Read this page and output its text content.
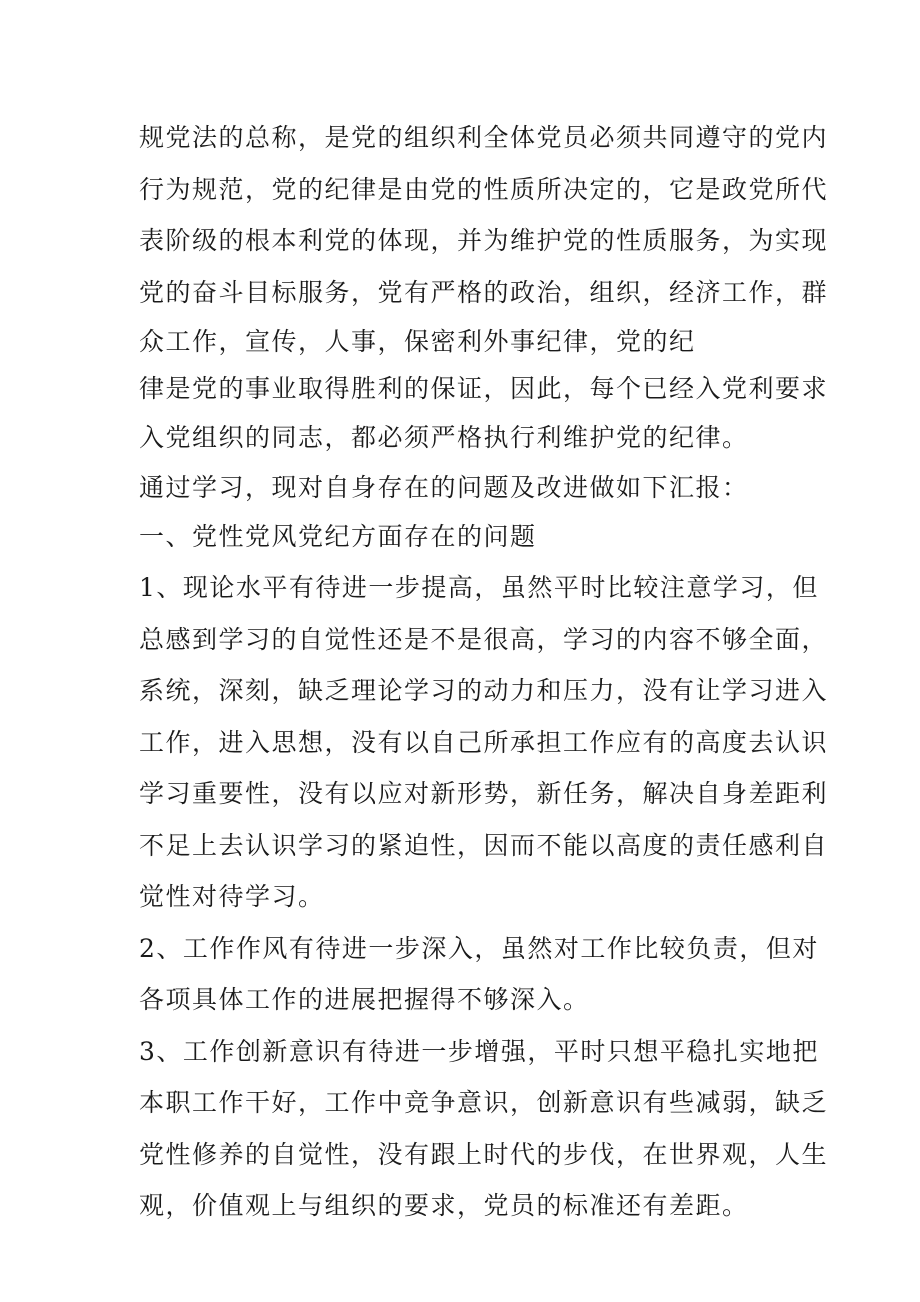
规党法的总称，是党的组织利全体党员必须共同遵守的党内
行为规范，党的纪律是由党的性质所决定的，它是政党所代
表阶级的根本利党的体现，并为维护党的性质服务，为实现
党的奋斗目标服务，党有严格的政治，组织，经济工作，群
众工作，宣传，人事，保密利外事纪律，党的纪
律是党的事业取得胜利的保证，因此，每个已经入党利要求
入党组织的同志，都必须严格执行利维护党的纪律。
通过学习，现对自身存在的问题及改进做如下汇报：
一、党性党风党纪方面存在的问题
1、现论水平有待进一步提高，虽然平时比较注意学习，但
总感到学习的自觉性还是不是很高，学习的内容不够全面，
系统，深刻，缺乏理论学习的动力和压力，没有让学习进入
工作，进入思想，没有以自己所承担工作应有的高度去认识
学习重要性，没有以应对新形势，新任务，解决自身差距利
不足上去认识学习的紧迫性，因而不能以高度的责任感利自
觉性对待学习。
2、工作作风有待进一步深入，虽然对工作比较负责，但对
各项具体工作的进展把握得不够深入。
3、工作创新意识有待进一步增强，平时只想平稳扎实地把
本职工作干好，工作中竞争意识，创新意识有些减弱，缺乏
党性修养的自觉性，没有跟上时代的步伐，在世界观，人生
观，价值观上与组织的要求，党员的标准还有差距。
